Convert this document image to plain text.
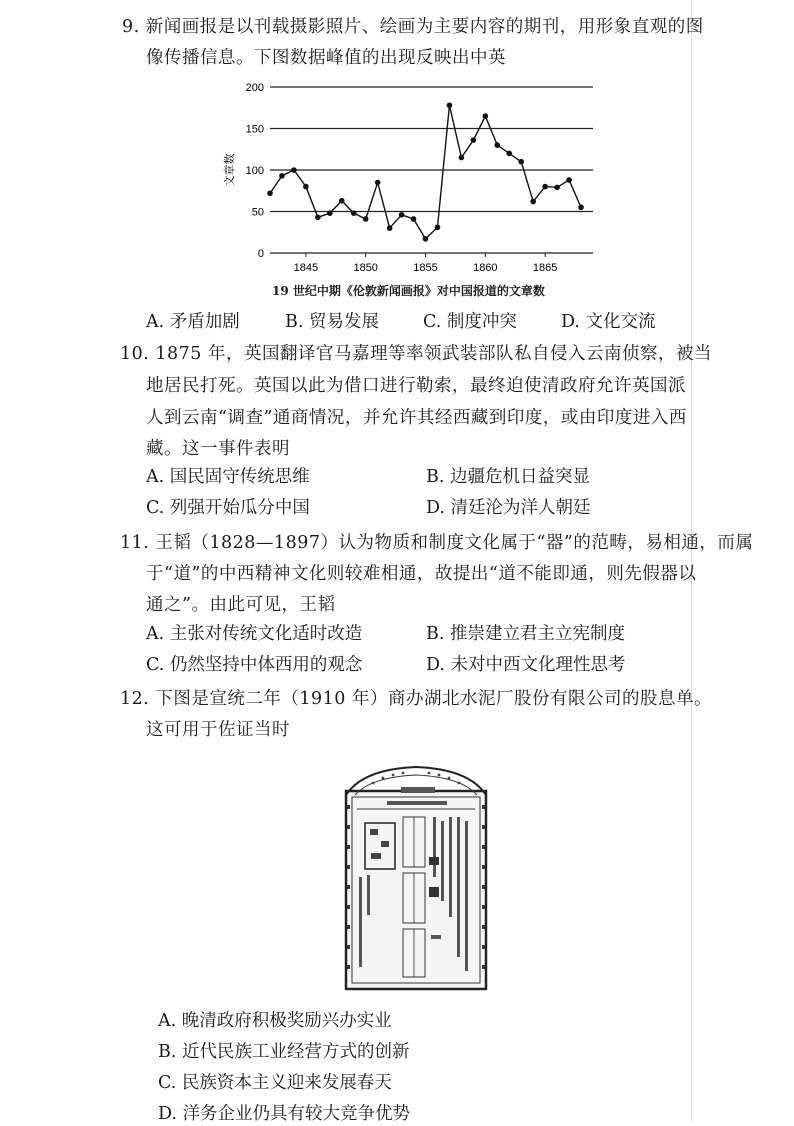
9. 新闻画报是以刊载摄影照片、绘画为主要内容的期刊，用形象直观的图
像传播信息。下图数据峰值的出现反映出中英
0
50
100
150
200
1845	1850	1855	1860	1865
文章数
19 世纪中期《伦敦新闻画报》对中国报道的文章数
A. 矛盾加剧	B. 贸易发展	C. 制度冲突	D. 文化交流
10. 1875 年，英国翻译官马嘉理等率领武装部队私自侵入云南侦察，被当
地居民打死。英国以此为借口进行勒索，最终迫使清政府允许英国派
人到云南“调查”通商情况，并允许其经西藏到印度，或由印度进入西
藏。这一事件表明
A. 国民固守传统思维	B. 边疆危机日益突显
C. 列强开始瓜分中国	D. 清廷沦为洋人朝廷
11. 王韬（1828—1897）认为物质和制度文化属于“器”的范畴，易相通，而属
于“道”的中西精神文化则较难相通，故提出“道不能即通，则先假器以
通之”。由此可见，王韬
A. 主张对传统文化适时改造	B. 推崇建立君主立宪制度
C. 仍然坚持中体西用的观念	D. 未对中西文化理性思考
12. 下图是宣统二年（1910 年）商办湖北水泥厂股份有限公司的股息单。
这可用于佐证当时
A. 晚清政府积极奖励兴办实业
B. 近代民族工业经营方式的创新
C. 民族资本主义迎来发展春天
D. 洋务企业仍具有较大竞争优势
